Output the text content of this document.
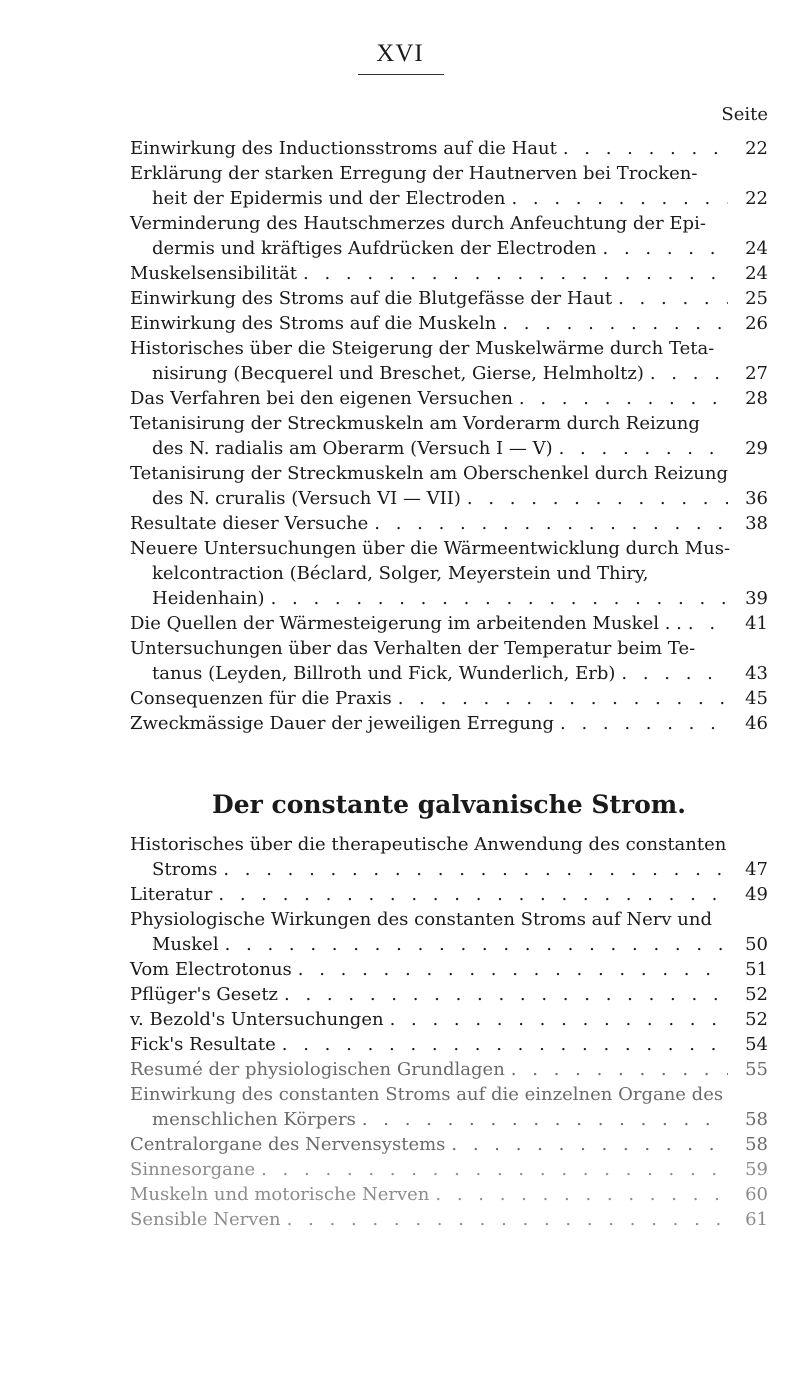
XVI
Seite
Einwirkung des Inductionsstroms auf die Haut . . .	22
Erklärung der starken Erregung der Hautnerven bei Trocken-
heit der Epidermis und der Electroden . . .	22
Verminderung des Hautschmerzes durch Anfeuchtung der Epi-
dermis und kräftiges Aufdrücken der Electroden . . .	24
Muskelsensibilität . . .	24
Einwirkung des Stroms auf die Blutgefässe der Haut . . .	25
Einwirkung des Stroms auf die Muskeln . . .	26
Historisches über die Steigerung der Muskelwärme durch Teta-
nisirung (Becquerel und Breschet, Gierse, Helmholtz) . . .	27
Das Verfahren bei den eigenen Versuchen . . .	28
Tetanisirung der Streckmuskeln am Vorderarm durch Reizung
des N. radialis am Oberarm (Versuch I — V) . . .	29
Tetanisirung der Streckmuskeln am Oberschenkel durch Reizung
des N. cruralis (Versuch VI — VII) . . .	36
Resultate dieser Versuche . . .	38
Neuere Untersuchungen über die Wärmeentwicklung durch Mus-
kelcontraction (Béclard, Solger, Meyerstein und Thiry,
Heidenhain) . . .	39
Die Quellen der Wärmesteigerung im arbeitenden Muskel . . . . .	41
Untersuchungen über das Verhalten der Temperatur beim Te-
tanus (Leyden, Billroth und Fick, Wunderlich, Erb) . . .	43
Consequenzen für die Praxis . . .	45
Zweckmässige Dauer der jeweiligen Erregung . . .	46
Der constante galvanische Strom.
Historisches über die therapeutische Anwendung des constanten
Stroms . . .	47
Literatur . . .	49
Physiologische Wirkungen des constanten Stroms auf Nerv und
Muskel . . .	50
Vom Electrotonus . . .	51
Pflüger's Gesetz . . .	52
v. Bezold's Untersuchungen . . .	52
Fick's Resultate . . .	54
Resumé der physiologischen Grundlagen . . .	55
Einwirkung des constanten Stroms auf die einzelnen Organe des
menschlichen Körpers . . .	58
Centralorgane des Nervensystems . . .	58
Sinnesorgane . . .	59
Muskeln und motorische Nerven . . .	60
Sensible Nerven . . .	61
